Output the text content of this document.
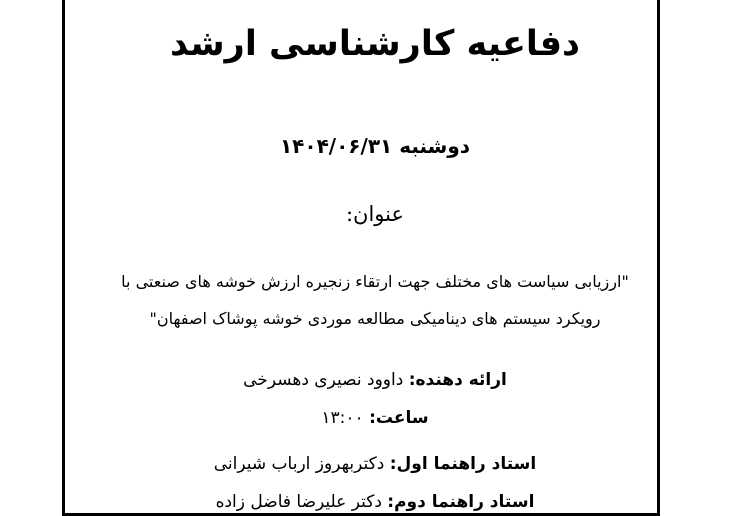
دفاعیه کارشناسی ارشد
دوشنبه ۱۴۰۴/۰۶/۳۱
عنوان:
"ارزیابی سیاست های مختلف جهت ارتقاء زنجیره ارزش خوشه های صنعتی با
رویکرد سیستم های دینامیکی مطالعه موردی خوشه پوشاک اصفهان"
ارائه دهنده: داوود نصیری دهسرخی
ساعت: ۱۳:۰۰
استاد راهنما اول: دکتربهروز ارباب شیرانی
استاد راهنما دوم: دکتر علیرضا فاضل زاده
